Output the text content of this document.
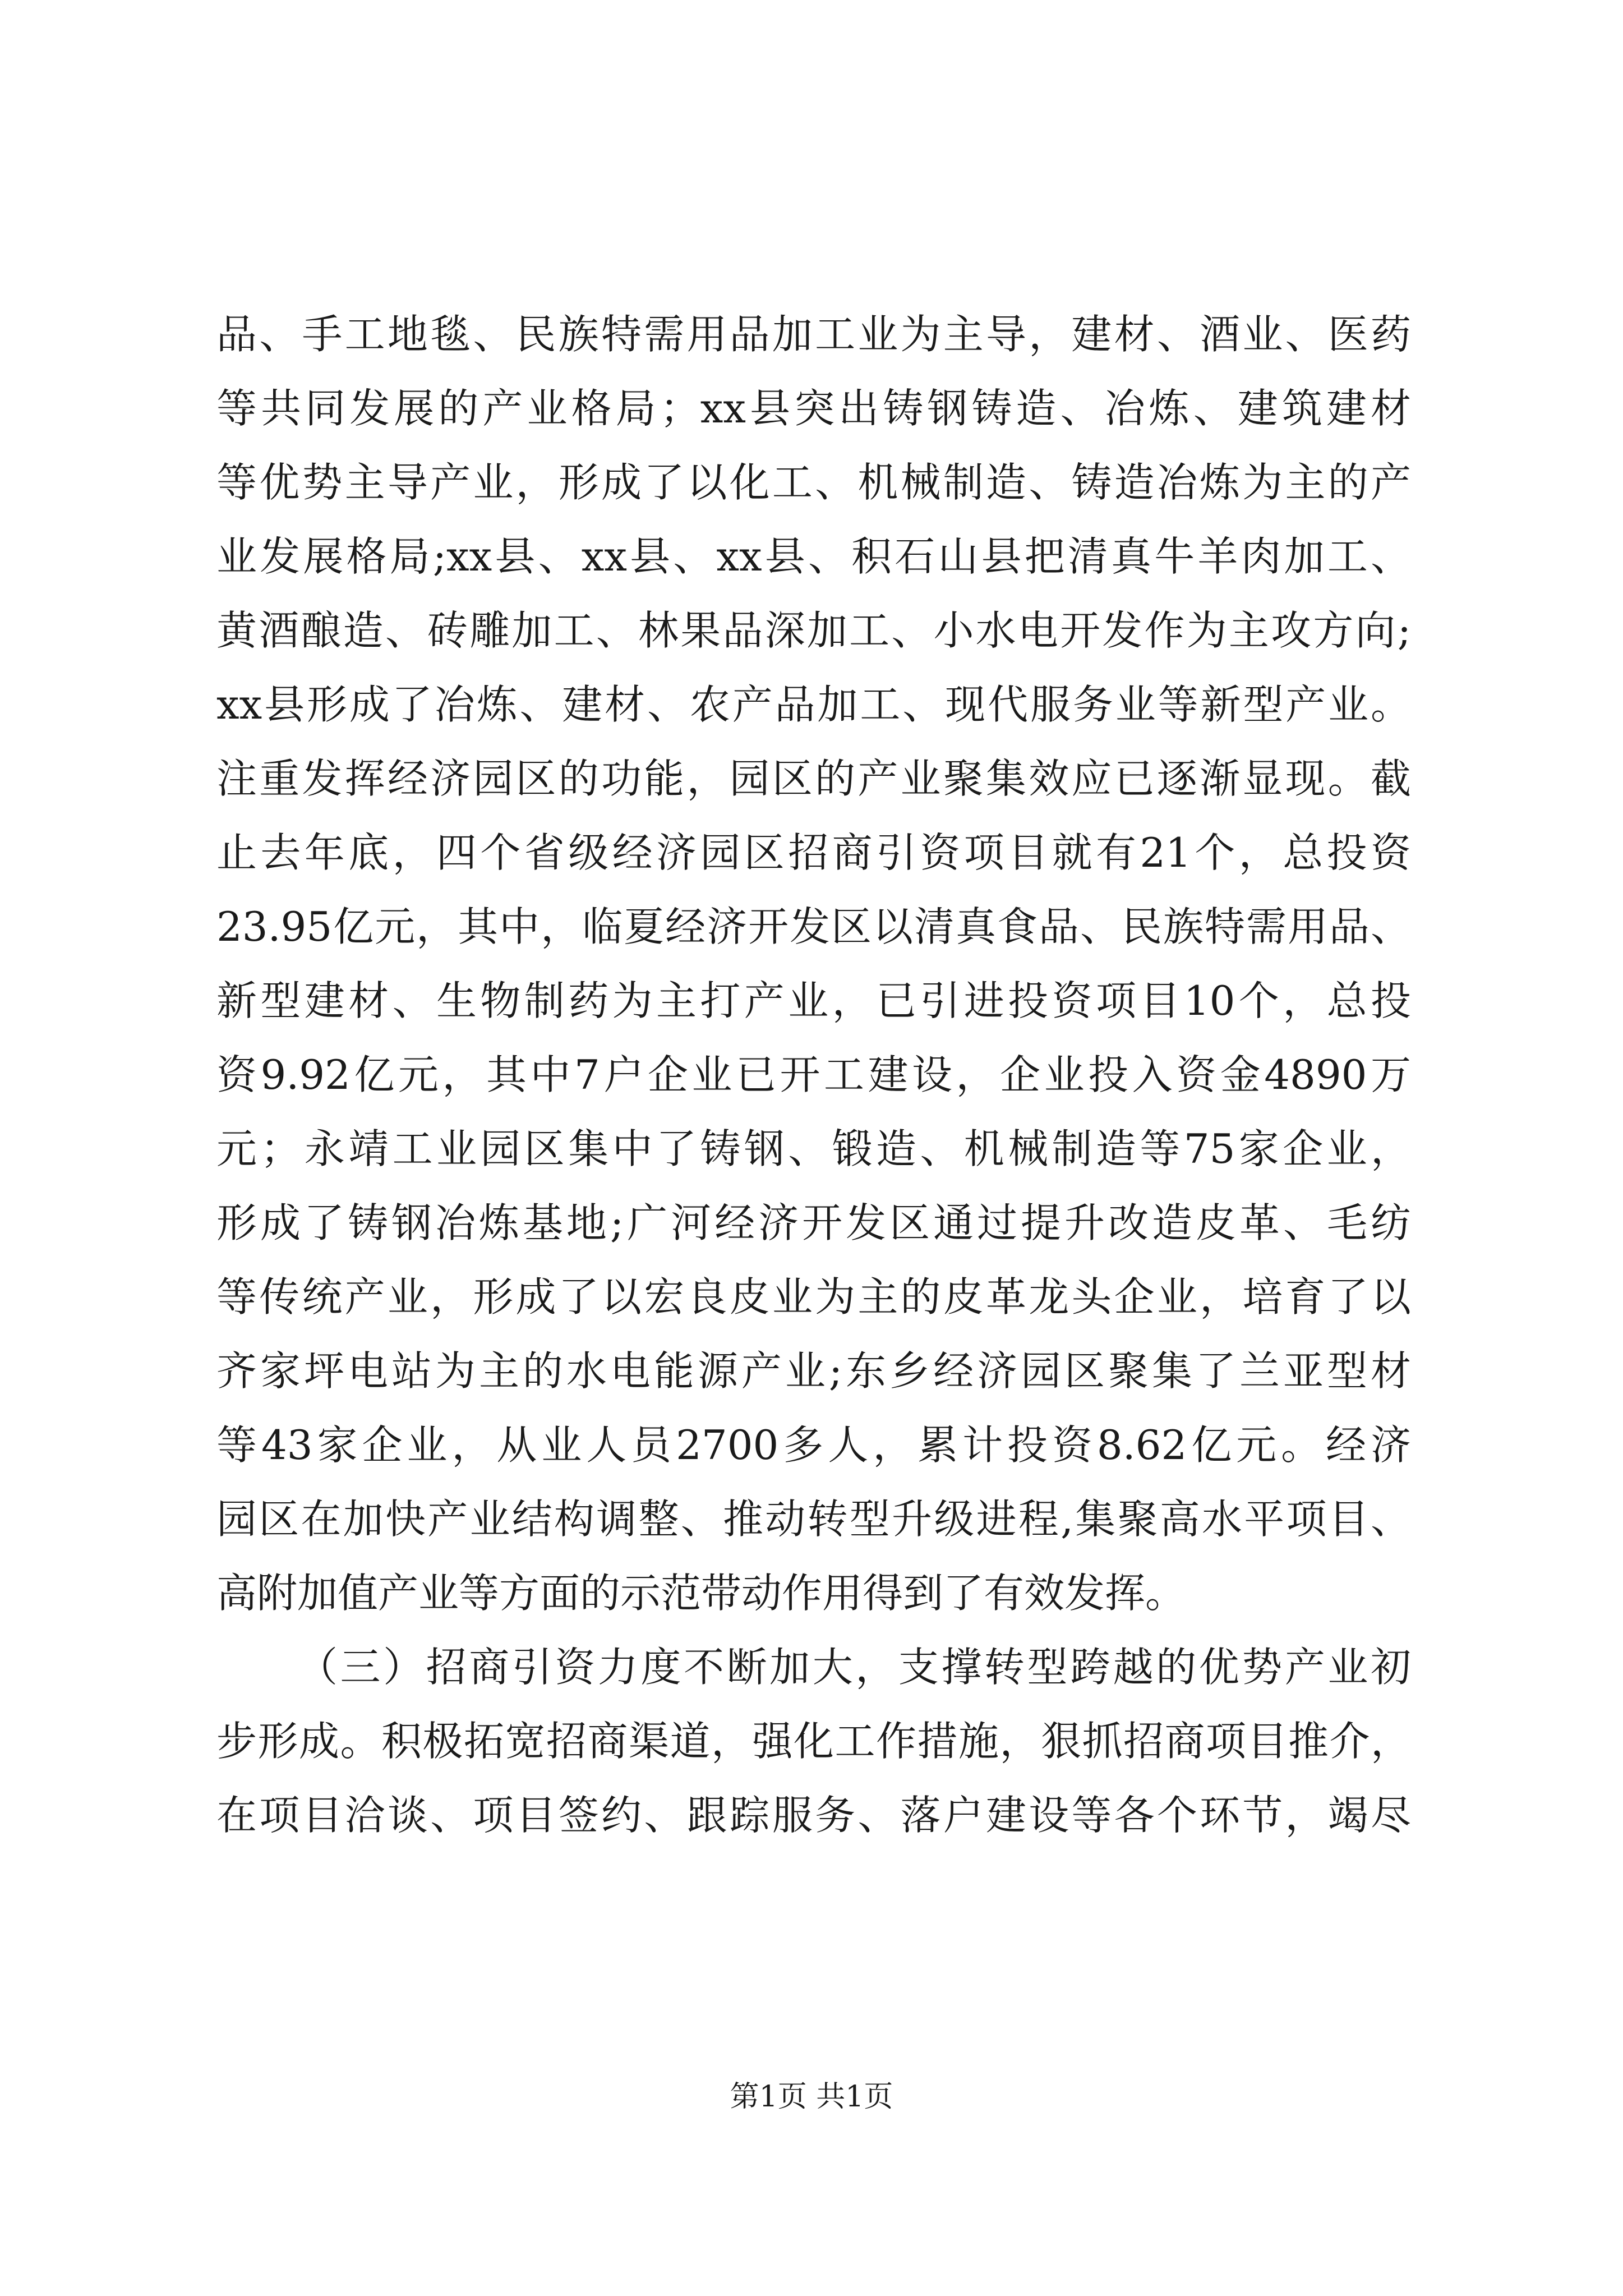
品、手工地毯、民族特需用品加工业为主导，建材、酒业、医药
等共同发展的产业格局；xx县突出铸钢铸造、冶炼、建筑建材
等优势主导产业，形成了以化工、机械制造、铸造冶炼为主的产
业发展格局;xx县、xx县、xx县、积石山县把清真牛羊肉加工、
黄酒酿造、砖雕加工、林果品深加工、小水电开发作为主攻方向;
xx县形成了冶炼、建材、农产品加工、现代服务业等新型产业。
注重发挥经济园区的功能，园区的产业聚集效应已逐渐显现。截
止去年底，四个省级经济园区招商引资项目就有21个，总投资
23.95亿元，其中，临夏经济开发区以清真食品、民族特需用品、
新型建材、生物制药为主打产业，已引进投资项目10个，总投
资9.92亿元，其中7户企业已开工建设，企业投入资金4890万
元；永靖工业园区集中了铸钢、锻造、机械制造等75家企业，
形成了铸钢冶炼基地;广河经济开发区通过提升改造皮革、毛纺
等传统产业，形成了以宏良皮业为主的皮革龙头企业，培育了以
齐家坪电站为主的水电能源产业;东乡经济园区聚集了兰亚型材
等43家企业，从业人员2700多人，累计投资8.62亿元。经济
园区在加快产业结构调整、推动转型升级进程,集聚高水平项目、
高附加值产业等方面的示范带动作用得到了有效发挥。
（三）招商引资力度不断加大，支撑转型跨越的优势产业初
步形成。积极拓宽招商渠道，强化工作措施，狠抓招商项目推介，
在项目洽谈、项目签约、跟踪服务、落户建设等各个环节，竭尽
第1页 共1页
